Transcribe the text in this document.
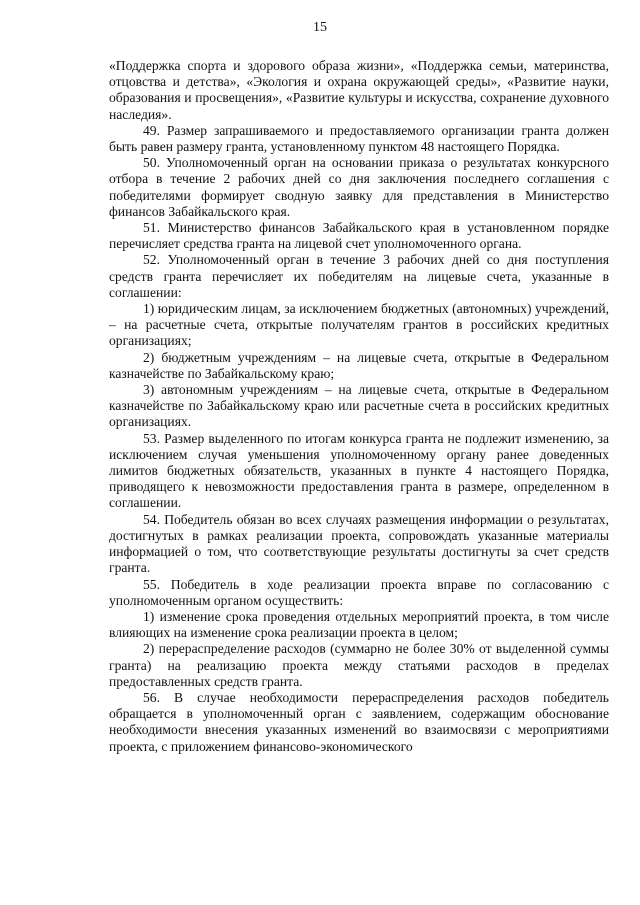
15

«Поддержка спорта и здорового образа жизни», «Поддержка семьи, материнства, отцовства и детства», «Экология и охрана окружающей среды», «Развитие науки, образования и просвещения», «Развитие культуры и искусства, сохранение духовного наследия».

49. Размер запрашиваемого и предоставляемого организации гранта должен быть равен размеру гранта, установленному пунктом 48 настоящего Порядка.

50. Уполномоченный орган на основании приказа о результатах конкурсного отбора в течение 2 рабочих дней со дня заключения последнего соглашения с победителями формирует сводную заявку для представления в Министерство финансов Забайкальского края.

51. Министерство финансов Забайкальского края в установленном порядке перечисляет средства гранта на лицевой счет уполномоченного органа.

52. Уполномоченный орган в течение 3 рабочих дней со дня поступления средств гранта перечисляет их победителям на лицевые счета, указанные в соглашении:

1) юридическим лицам, за исключением бюджетных (автономных) учреждений, – на расчетные счета, открытые получателям грантов в российских кредитных организациях;

2) бюджетным учреждениям – на лицевые счета, открытые в Федеральном казначействе по Забайкальскому краю;

3) автономным учреждениям – на лицевые счета, открытые в Федеральном казначействе по Забайкальскому краю или расчетные счета в российских кредитных организациях.

53. Размер выделенного по итогам конкурса гранта не подлежит изменению, за исключением случая уменьшения уполномоченному органу ранее доведенных лимитов бюджетных обязательств, указанных в пункте 4 настоящего Порядка, приводящего к невозможности предоставления гранта в размере, определенном в соглашении.

54. Победитель обязан во всех случаях размещения информации о результатах, достигнутых в рамках реализации проекта, сопровождать указанные материалы информацией о том, что соответствующие результаты достигнуты за счет средств гранта.

55. Победитель в ходе реализации проекта вправе по согласованию с уполномоченным органом осуществить:

1) изменение срока проведения отдельных мероприятий проекта, в том числе влияющих на изменение срока реализации проекта в целом;

2) перераспределение расходов (суммарно не более 30% от выделенной суммы гранта) на реализацию проекта между статьями расходов в пределах предоставленных средств гранта.

56. В случае необходимости перераспределения расходов победитель обращается в уполномоченный орган с заявлением, содержащим обоснование необходимости внесения указанных изменений во взаимосвязи с мероприятиями проекта, с приложением финансово-экономического
